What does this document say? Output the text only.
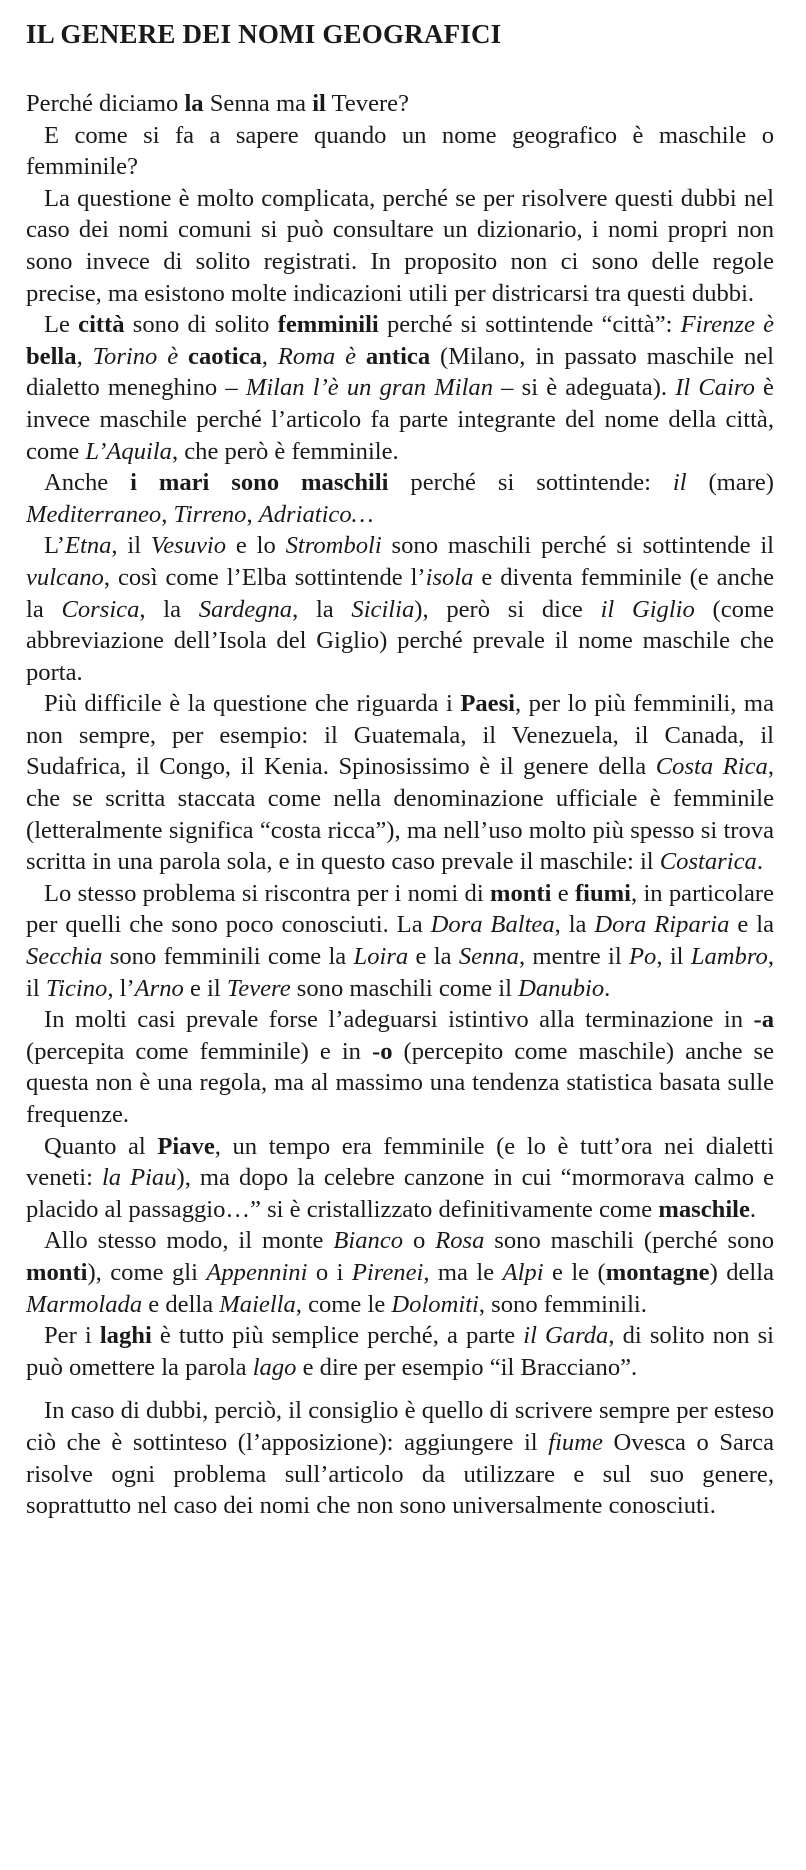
IL GENERE DEI NOMI GEOGRAFICI

Perché diciamo la Senna ma il Tevere?

E come si fa a sapere quando un nome geografico è maschile o femminile?

La questione è molto complicata, perché se per risolvere questi dubbi nel caso dei nomi comuni si può consultare un dizionario, i nomi propri non sono invece di solito registrati. In proposito non ci sono delle regole precise, ma esistono molte indicazioni utili per districarsi tra questi dubbi.

Le città sono di solito femminili perché si sottintende “città”: Firenze è bella, Torino è caotica, Roma è antica (Milano, in passato maschile nel dialetto meneghino – Milan l’è un gran Milan – si è adeguata). Il Cairo è invece maschile perché l’articolo fa parte integrante del nome della città, come L’Aquila, che però è femminile.

Anche i mari sono maschili perché si sottintende: il (mare) Mediterraneo, Tirreno, Adriatico…

L’Etna, il Vesuvio e lo Stromboli sono maschili perché si sottintende il vulcano, così come l’Elba sottintende l’isola e diventa femminile (e anche la Corsica, la Sardegna, la Sicilia), però si dice il Giglio (come abbreviazione dell’Isola del Giglio) perché prevale il nome maschile che porta.

Più difficile è la questione che riguarda i Paesi, per lo più femminili, ma non sempre, per esempio: il Guatemala, il Venezuela, il Canada, il Sudafrica, il Congo, il Kenia. Spinosissimo è il genere della Costa Rica, che se scritta staccata come nella denominazione ufficiale è femminile (letteralmente significa “costa ricca”), ma nell’uso molto più spesso si trova scritta in una parola sola, e in questo caso prevale il maschile: il Costarica.

Lo stesso problema si riscontra per i nomi di monti e fiumi, in particolare per quelli che sono poco conosciuti. La Dora Baltea, la Dora Riparia e la Secchia sono femminili come la Loira e la Senna, mentre il Po, il Lambro, il Ticino, l’Arno e il Tevere sono maschili come il Danubio.

In molti casi prevale forse l’adeguarsi istintivo alla terminazione in -a (percepita come femminile) e in -o (percepito come maschile) anche se questa non è una regola, ma al massimo una tendenza statistica basata sulle frequenze.

Quanto al Piave, un tempo era femminile (e lo è tutt’ora nei dialetti veneti: la Piau), ma dopo la celebre canzone in cui “mormorava calmo e placido al passaggio…” si è cristallizzato definitivamente come maschile.

Allo stesso modo, il monte Bianco o Rosa sono maschili (perché sono monti), come gli Appennini o i Pirenei, ma le Alpi e le (montagne) della Marmolada e della Maiella, come le Dolomiti, sono femminili.

Per i laghi è tutto più semplice perché, a parte il Garda, di solito non si può omettere la parola lago e dire per esempio “il Bracciano”.

In caso di dubbi, perciò, il consiglio è quello di scrivere sempre per esteso ciò che è sottinteso (l’apposizione): aggiungere il fiume Ovesca o Sarca risolve ogni problema sull’articolo da utilizzare e sul suo genere, soprattutto nel caso dei nomi che non sono universalmente conosciuti.
